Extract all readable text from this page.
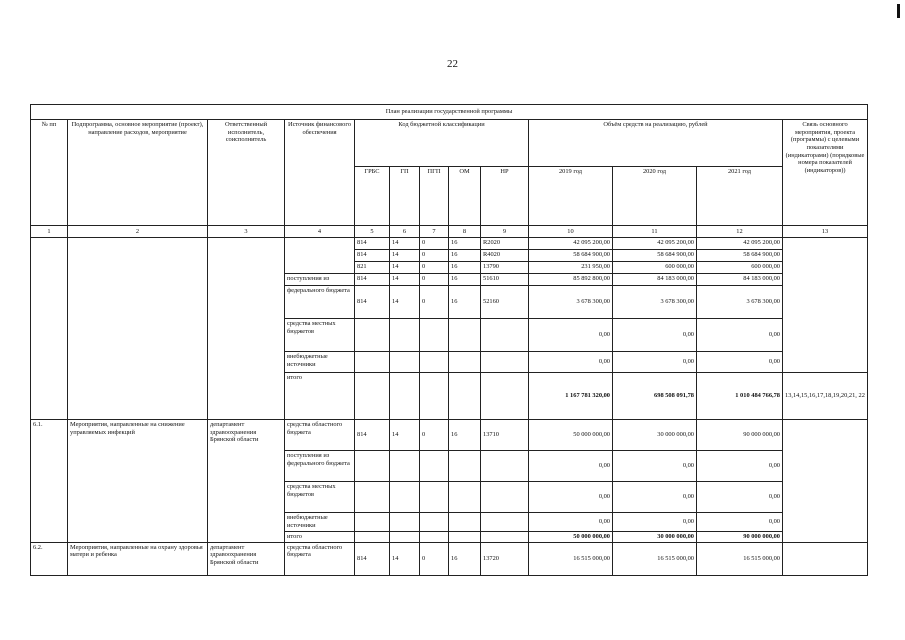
22
План реализации государственной программы												
№ пп	Подпрограмма, основное мероприятие (проект), направление расходов, мероприятие	Ответственный исполнитель, соисполнитель	Источник финансового обеспечения	Код бюджетной классификации					Объём средств на реализацию, рублей			Связь основного мероприятия, проекта (программы) с целевыми показателями (индикаторами) (порядковые номера показателей (индикаторов))
				ГРБС	ГП	ПГП	ОМ	НР	2019 год	2020 год	2021 год	
1	2	3	4	5	6	7	8	9	10	11	12	13
				814	14	0	16	R2020	42 095 200,00	42 095 200,00	42 095 200,00	
				814	14	0	16	R4020	58 684 900,00	58 684 900,00	58 684 900,00	
				821	14	0	16	13790	231 950,00	600 000,00	600 000,00	
			поступления из	814	14	0	16	51610	85 892 800,00	84 183 000,00	84 183 000,00	
			федерального бюджета	814	14	0	16	52160	3 678 300,00	3 678 300,00	3 678 300,00	
			средства местных бюджетов						0,00	0,00	0,00	
			внебюджетные источники						0,00	0,00	0,00	
			итого						1 167 781 320,00	698 508 091,78	1 010 484 766,78	13,14,15,16,17,18,19,20,21, 22
6.1.	Мероприятия, направленные на снижение управляемых инфекций	департамент здравоохранения Брянской области	средства областного бюджета	814	14	0	16	13710	50 000 000,00	30 000 000,00	90 000 000,00	
			поступления из федерального бюджета						0,00	0,00	0,00	
			средства местных бюджетов						0,00	0,00	0,00	
			внебюджетные источники						0,00	0,00	0,00	
			итого						50 000 000,00	30 000 000,00	90 000 000,00	
6.2.	Мероприятия, направленные на охрану здоровья матери и ребенка	департамент здравоохранения Брянской области	средства областного бюджета	814	14	0	16	13720	16 515 000,00	16 515 000,00	16 515 000,00	
